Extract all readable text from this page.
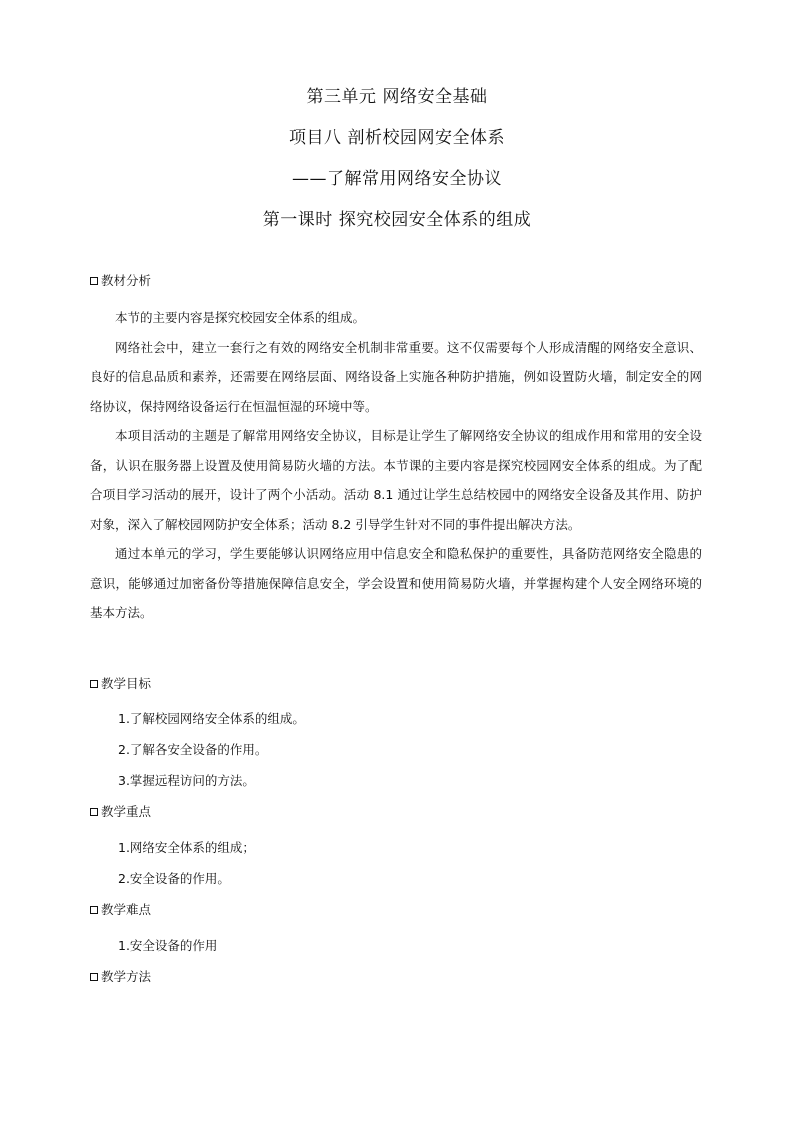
第三单元 网络安全基础

项目八 剖析校园网安全体系

——了解常用网络安全协议

第一课时 探究校园安全体系的组成

教材分析

本节的主要内容是探究校园安全体系的组成。

网络社会中，建立一套行之有效的网络安全机制非常重要。这不仅需要每个人形成清醒的网络安全意识、良好的信息品质和素养，还需要在网络层面、网络设备上实施各种防护措施，例如设置防火墙，制定安全的网络协议，保持网络设备运行在恒温恒湿的环境中等。

本项目活动的主题是了解常用网络安全协议，目标是让学生了解网络安全协议的组成作用和常用的安全设备，认识在服务器上设置及使用简易防火墙的方法。本节课的主要内容是探究校园网安全体系的组成。为了配合项目学习活动的展开，设计了两个小活动。活动 8.1 通过让学生总结校园中的网络安全设备及其作用、防护对象，深入了解校园网防护安全体系；活动 8.2 引导学生针对不同的事件提出解决方法。

通过本单元的学习，学生要能够认识网络应用中信息安全和隐私保护的重要性，具备防范网络安全隐患的意识，能够通过加密备份等措施保障信息安全，学会设置和使用简易防火墙，并掌握构建个人安全网络环境的基本方法。

教学目标

1.了解校园网络安全体系的组成。

2.了解各安全设备的作用。

3.掌握远程访问的方法。

教学重点

1.网络安全体系的组成；

2.安全设备的作用。

教学难点

1.安全设备的作用

教学方法
